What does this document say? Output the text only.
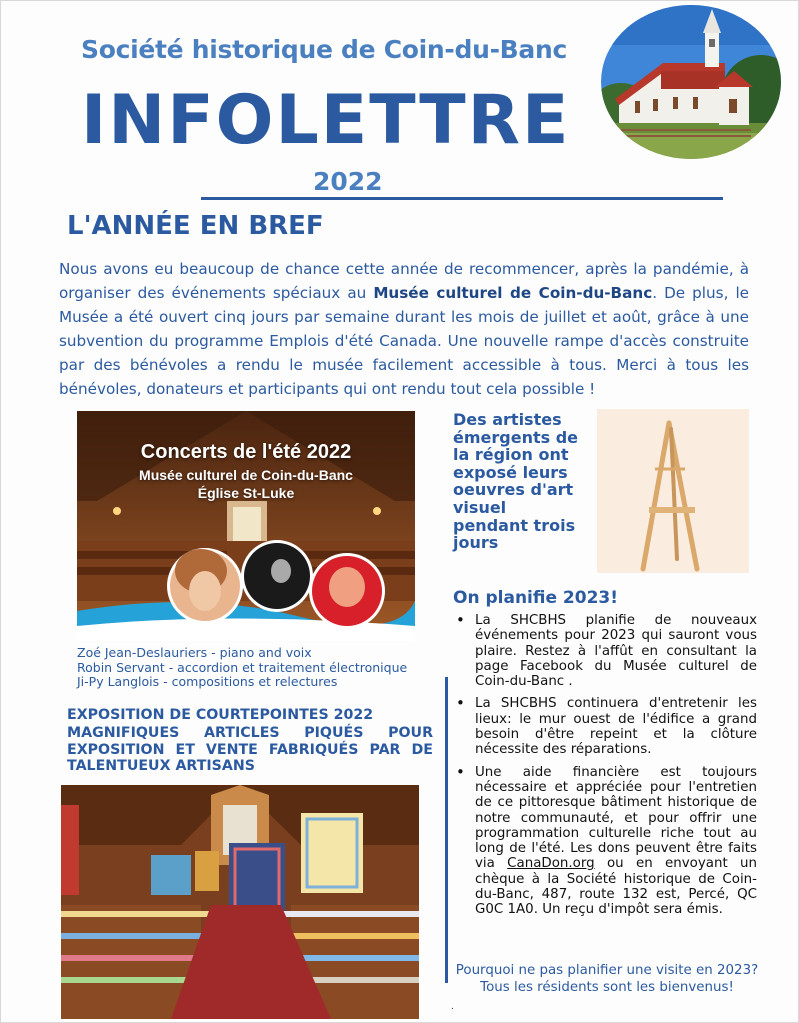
Société historique de Coin-du-Banc
INFOLETTRE
2022
L'ANNÉE EN BREF
Nous avons eu beaucoup de chance cette année de recommencer, après la pandémie, à organiser des événements spéciaux au Musée culturel de Coin-du-Banc. De plus, le Musée a été ouvert cinq jours par semaine durant les mois de juillet et août, grâce à une subvention du programme Emplois d'été Canada. Une nouvelle rampe d'accès construite par des bénévoles a rendu le musée facilement accessible à tous. Merci à tous les bénévoles, donateurs et participants qui ont rendu tout cela possible !
Concerts de l'été 2022
Musée culturel de Coin-du-Banc
Église St-Luke
Zoé Jean-Deslauriers - piano and voix
Robin Servant - accordion et traitement électronique
Ji-Py Langlois - compositions et relectures
EXPOSITION DE COURTEPOINTES 2022
MAGNIFIQUES ARTICLES PIQUÉS POUR EXPOSITION ET VENTE FABRIQUÉS PAR DE TALENTUEUX ARTISANS
Des artistes émergents de la région ont exposé leurs oeuvres d'art visuel pendant trois jours
On planifie 2023!
• La SHCBHS planifie de nouveaux événements pour 2023 qui sauront vous plaire. Restez à l'affût en consultant la page Facebook du Musée culturel de Coin-du-Banc .
• La SHCBHS continuera d'entretenir les lieux: le mur ouest de l'édifice a grand besoin d'être repeint et la clôture nécessite des réparations.
• Une aide financière est toujours nécessaire et appréciée pour l'entretien de ce pittoresque bâtiment historique de notre communauté, et pour offrir une programmation culturelle riche tout au long de l'été. Les dons peuvent être faits via CanaDon.org ou en envoyant un chèque à la Société historique de Coin-du-Banc, 487, route 132 est, Percé, QC G0C 1A0. Un reçu d'impôt sera émis.
Pourquoi ne pas planifier une visite en 2023?
Tous les résidents sont les bienvenus!
.
